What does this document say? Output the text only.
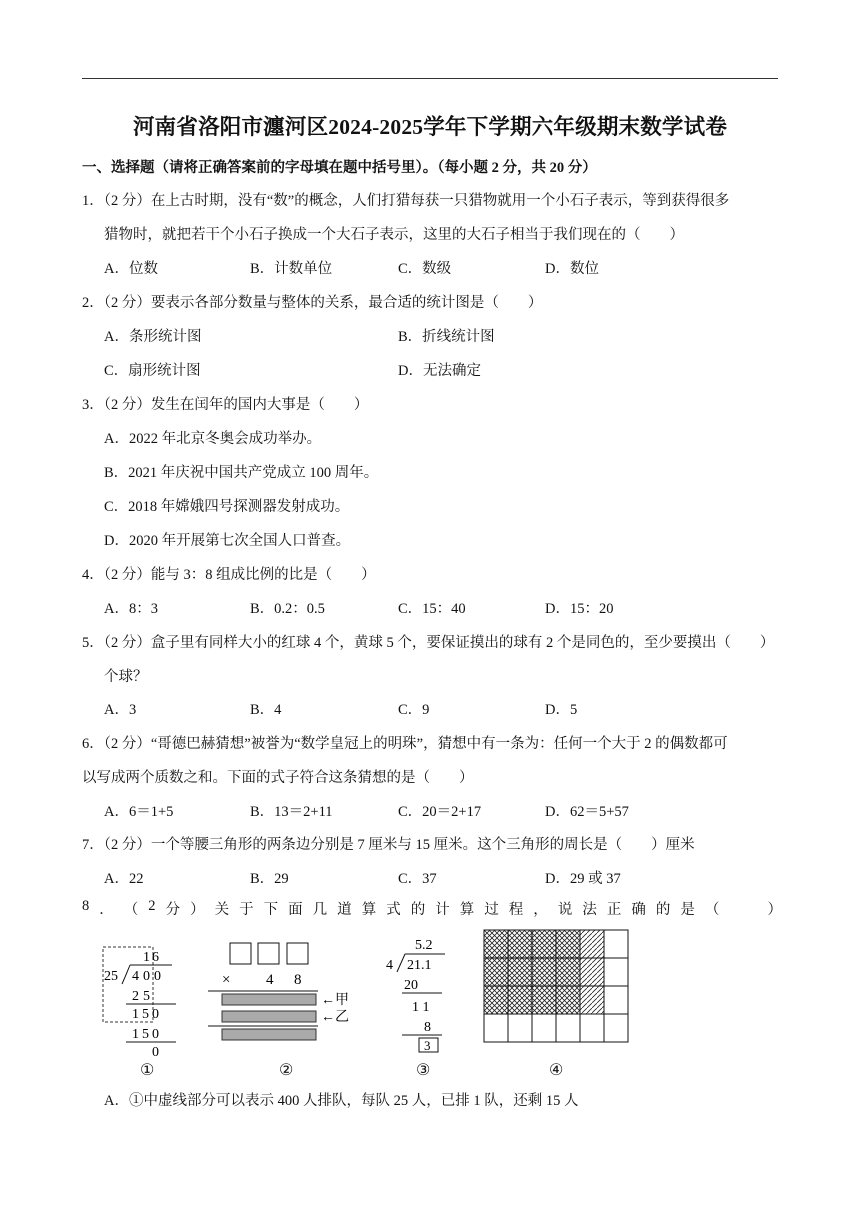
河南省洛阳市瀍河区2024-2025学年下学期六年级期末数学试卷
一、选择题（请将正确答案前的字母填在题中括号里）。（每小题 2 分，共 20 分）
1．（2 分）在上古时期，没有“数”的概念，人们打猎每获一只猎物就用一个小石子表示，等到获得很多
猎物时，就把若干个小石子换成一个大石子表示，这里的大石子相当于我们现在的（　　）
A．位数	B．计数单位	C．数级	D．数位
2．（2 分）要表示各部分数量与整体的关系，最合适的统计图是（　　）
A．条形统计图	B．折线统计图
C．扇形统计图	D．无法确定
3．（2 分）发生在闰年的国内大事是（　　）
A．2022 年北京冬奥会成功举办。
B．2021 年庆祝中国共产党成立 100 周年。
C．2018 年嫦娥四号探测器发射成功。
D．2020 年开展第七次全国人口普查。
4．（2 分）能与 3：8 组成比例的比是（　　）
A．8：3	B．0.2：0.5	C．15：40	D．15：20
5．（2 分）盒子里有同样大小的红球 4 个，黄球 5 个，要保证摸出的球有 2 个是同色的，至少要摸出（　　）
个球？
A．3	B．4	C．9	D．5
6．（2 分）“哥德巴赫猜想”被誉为“数学皇冠上的明珠”，猜想中有一条为：任何一个大于 2 的偶数都可
以写成两个质数之和。下面的式子符合这条猜想的是（　　）
A．6＝1+5	B．13＝2+11	C．20＝2+17	D．62＝5+57
7．（2 分）一个等腰三角形的两条边分别是 7 厘米与 15 厘米。这个三角形的周长是（　　）厘米
A．22	B．29	C．37	D．29 或 37
8 ． （ 2 分 ） 关 于 下 面 几 道 算 式 的 计 算 过 程 ， 说 法 正 确 的 是 （	）
1 6
25 4 0 0
2 5
1 5 0
1 5 0
0
①
× 4 8
←甲
←乙
②
5.2
4 21.1
20
1 1
8
3
③	④
A．①中虚线部分可以表示 400 人排队，每队 25 人，已排 1 队，还剩 15 人
